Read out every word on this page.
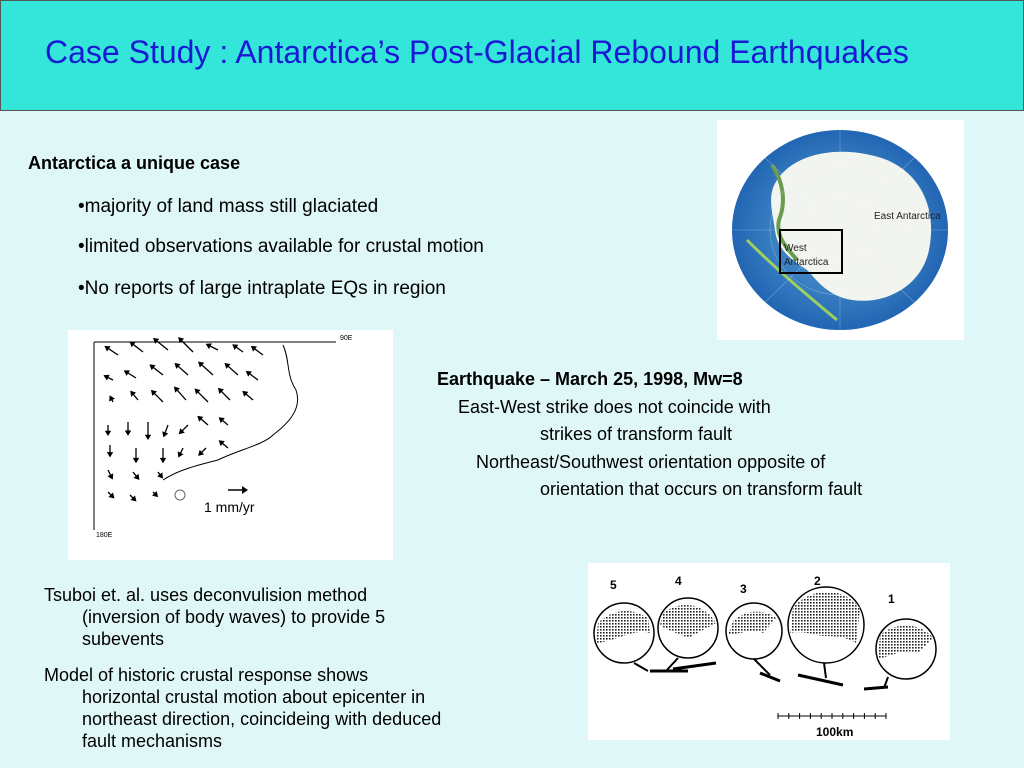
Case Study : Antarctica’s Post-Glacial Rebound Earthquakes
Antarctica a unique case
•majority of land mass still glaciated
•limited observations available for crustal motion
•No reports of large intraplate EQs in region
East Antarctica
West
Antarctica
90E
180E
1 mm/yr
Earthquake – March 25, 1998, Mw=8
East-West strike does not coincide with
strikes of transform fault
Northeast/Southwest orientation opposite of
orientation that occurs on transform fault
Tsuboi et. al. uses deconvulision method
(inversion of body waves) to provide 5
subevents
Model of historic crustal response shows
horizontal crustal motion about epicenter in
northeast direction, coincideing with deduced
fault mechanisms
5	4
3
2
1
100km
